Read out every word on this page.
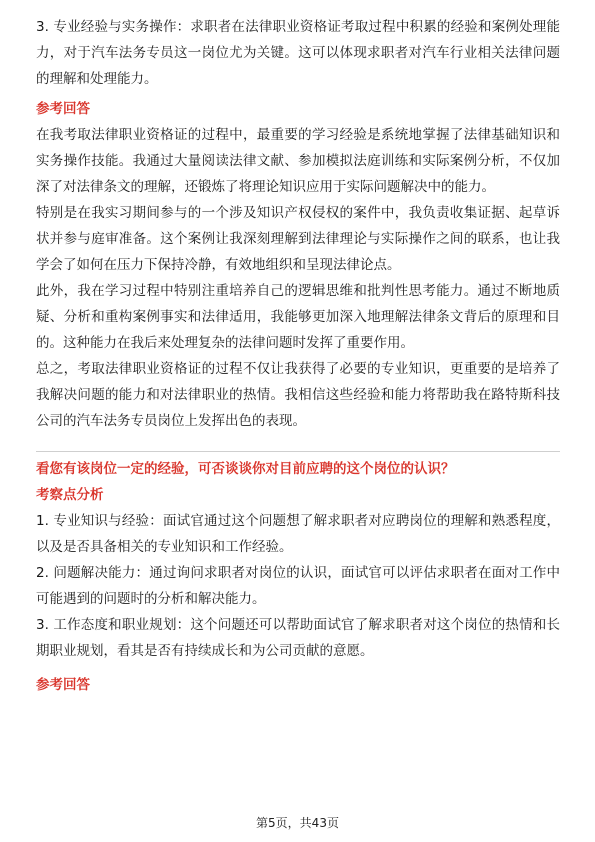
3. 专业经验与实务操作：求职者在法律职业资格证考取过程中积累的经验和案例处理能力，对于汽车法务专员这一岗位尤为关键。这可以体现求职者对汽车行业相关法律问题的理解和处理能力。

参考回答

在我考取法律职业资格证的过程中，最重要的学习经验是系统地掌握了法律基础知识和实务操作技能。我通过大量阅读法律文献、参加模拟法庭训练和实际案例分析，不仅加深了对法律条文的理解，还锻炼了将理论知识应用于实际问题解决中的能力。

特别是在我实习期间参与的一个涉及知识产权侵权的案件中，我负责收集证据、起草诉状并参与庭审准备。这个案例让我深刻理解到法律理论与实际操作之间的联系，也让我学会了如何在压力下保持冷静，有效地组织和呈现法律论点。

此外，我在学习过程中特别注重培养自己的逻辑思维和批判性思考能力。通过不断地质疑、分析和重构案例事实和法律适用，我能够更加深入地理解法律条文背后的原理和目的。这种能力在我后来处理复杂的法律问题时发挥了重要作用。

总之，考取法律职业资格证的过程不仅让我获得了必要的专业知识，更重要的是培养了我解决问题的能力和对法律职业的热情。我相信这些经验和能力将帮助我在路特斯科技公司的汽车法务专员岗位上发挥出色的表现。

看您有该岗位一定的经验，可否谈谈你对目前应聘的这个岗位的认识？

考察点分析

1. 专业知识与经验：面试官通过这个问题想了解求职者对应聘岗位的理解和熟悉程度，以及是否具备相关的专业知识和工作经验。

2. 问题解决能力：通过询问求职者对岗位的认识，面试官可以评估求职者在面对工作中可能遇到的问题时的分析和解决能力。

3. 工作态度和职业规划：这个问题还可以帮助面试官了解求职者对这个岗位的热情和长期职业规划，看其是否有持续成长和为公司贡献的意愿。

参考回答

第5页，共43页
